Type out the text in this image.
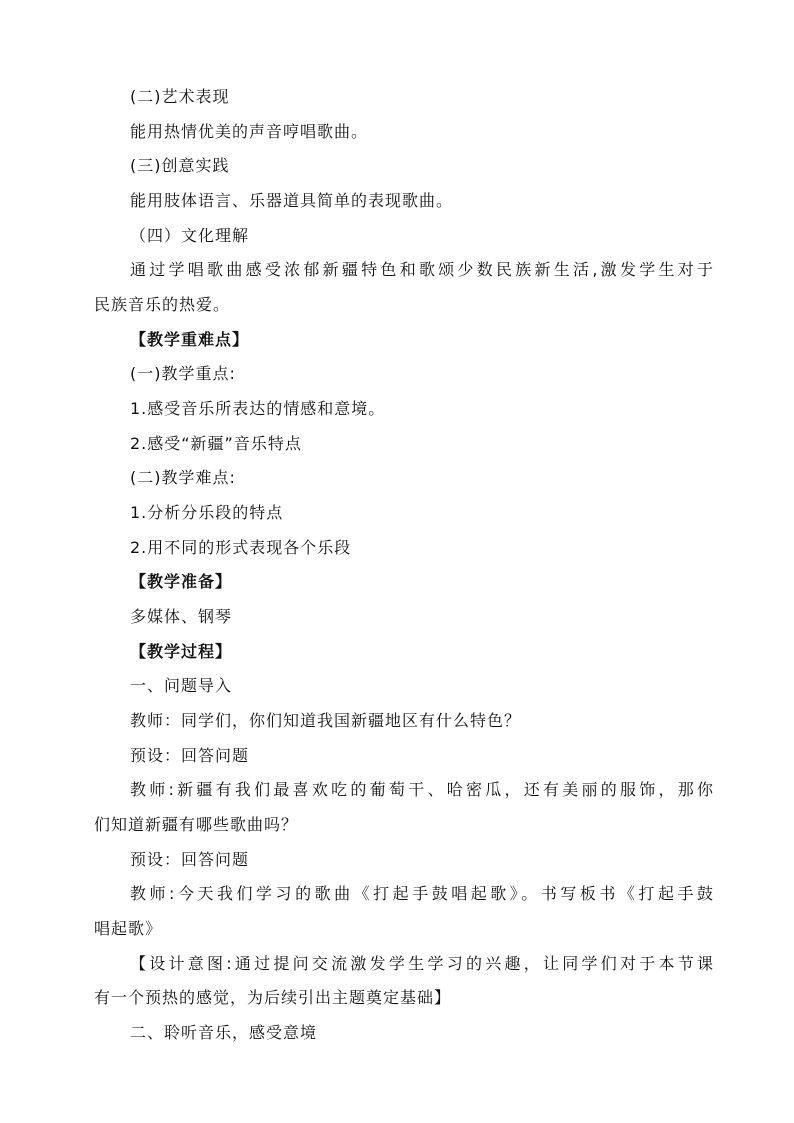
(二)艺术表现
能用热情优美的声音哼唱歌曲。
(三)创意实践
能用肢体语言、乐器道具简单的表现歌曲。
（四）文化理解
通过学唱歌曲感受浓郁新疆特色和歌颂少数民族新生活,激发学生对于
民族音乐的热爱。
【教学重难点】
(一)教学重点:
1.感受音乐所表达的情感和意境。
2.感受“新疆”音乐特点
(二)教学难点:
1.分析分乐段的特点
2.用不同的形式表现各个乐段
【教学准备】
多媒体、钢琴
【教学过程】
一、问题导入
教师：同学们，你们知道我国新疆地区有什么特色？
预设：回答问题
教师:新疆有我们最喜欢吃的葡萄干、哈密瓜，还有美丽的服饰，那你
们知道新疆有哪些歌曲吗？
预设：回答问题
教师:今天我们学习的歌曲《打起手鼓唱起歌》。书写板书《打起手鼓
唱起歌》
【设计意图:通过提问交流激发学生学习的兴趣，让同学们对于本节课
有一个预热的感觉，为后续引出主题奠定基础】
二、聆听音乐，感受意境
